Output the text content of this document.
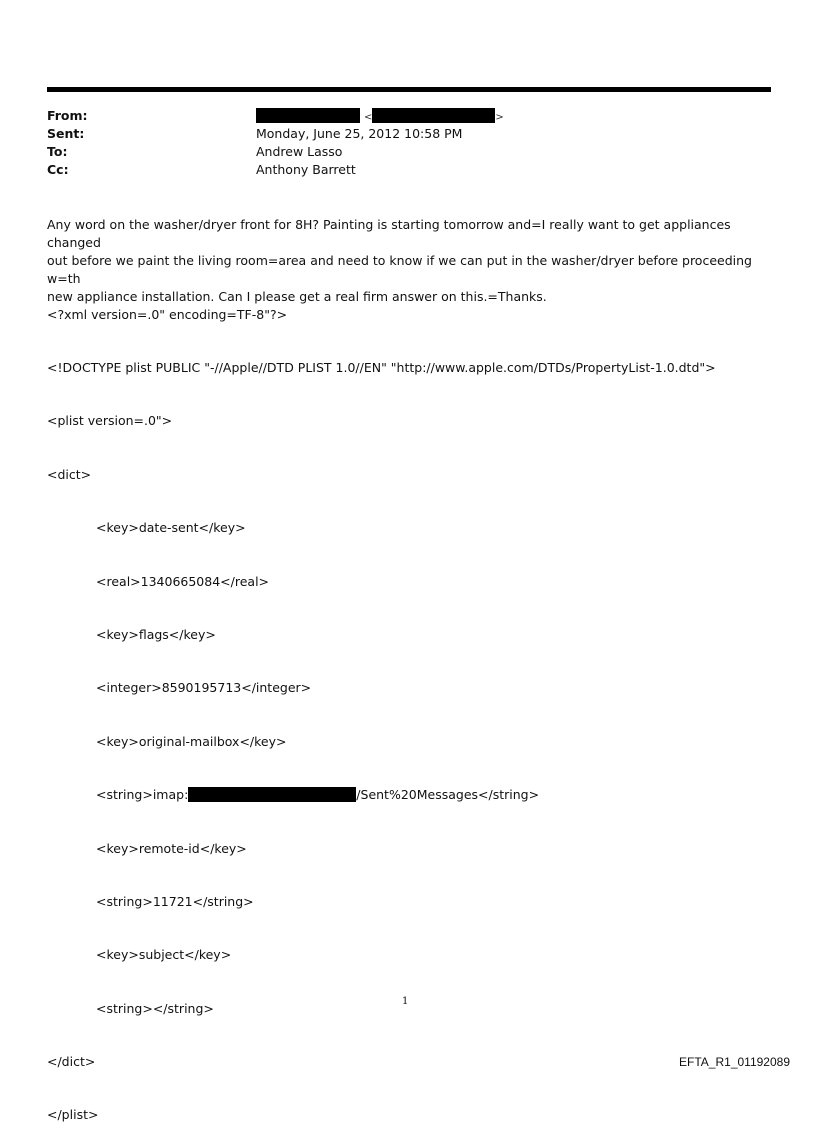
From:
Sent:
To:
Cc:
<	>
Monday, June 25, 2012 10:58 PM
Andrew Lasso
Anthony Barrett

Any word on the washer/dryer front for 8H? Painting is starting tomorrow and=I really want to get appliances changed

out before we paint the living room=area and need to know if we can put in the washer/dryer before proceeding w=th

new appliance installation. Can I please get a real firm answer on this.=Thanks.

<?xml version=.0" encoding=TF-8"?>

<!DOCTYPE plist PUBLIC "-//Apple//DTD PLIST 1.0//EN" "http://www.apple.com/DTDs/PropertyList-1.0.dtd">

<plist version=.0">

<dict>

<key>date-sent</key>

<real>1340665084</real>

<key>flags</key>

<integer>8590195713</integer>

<key>original-mailbox</key>

<string>imap:	/Sent%20Messages</string>

<key>remote-id</key>

<string>11721</string>

<key>subject</key>

<string></string>

</dict>

</plist>

1
EFTA_R1_01192089
